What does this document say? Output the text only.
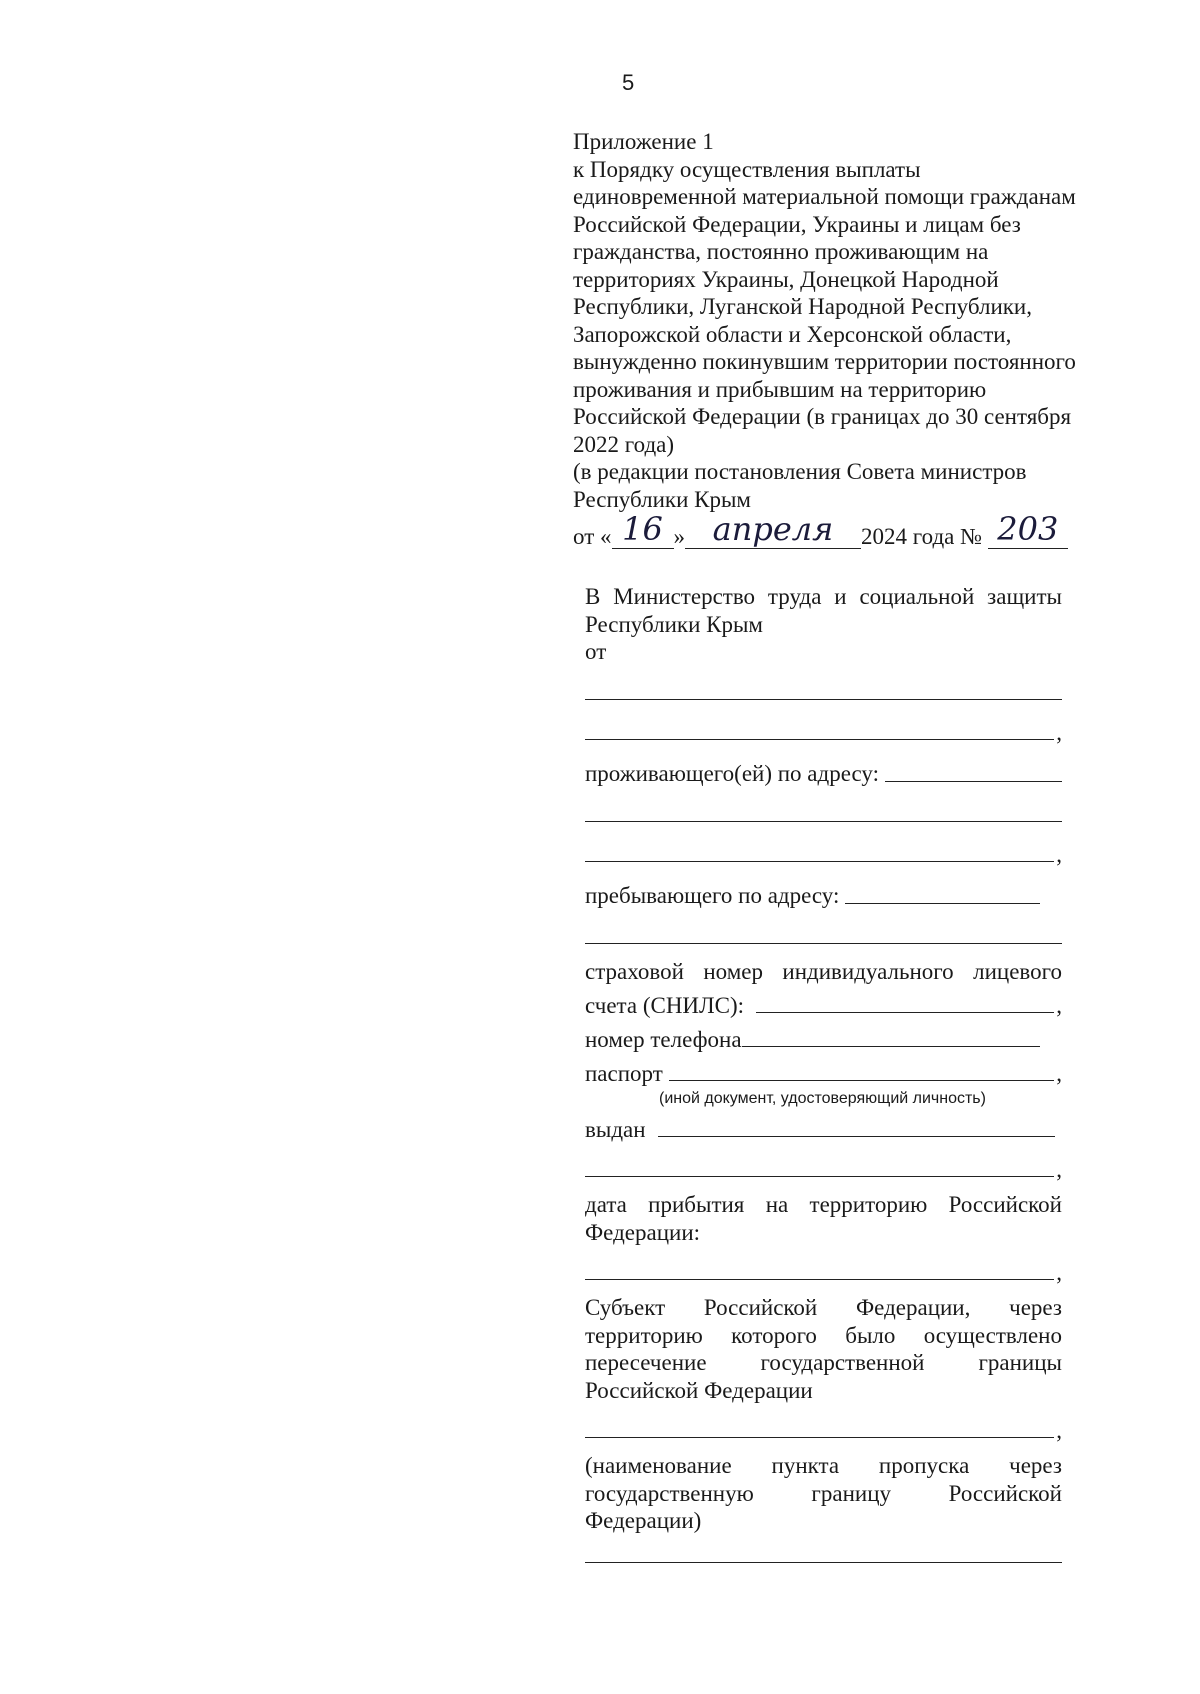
5
Приложение 1
к Порядку осуществления выплаты
единовременной материальной помощи гражданам
Российской Федерации, Украины и лицам без
гражданства, постоянно проживающим на
территориях Украины, Донецкой Народной
Республики, Луганской Народной Республики,
Запорожской области и Херсонской области,
вынужденно покинувшим территории постоянного
проживания и прибывшим на территорию
Российской Федерации (в границах до 30 сентября
2022 года)
(в редакции постановления Совета министров
Республики Крым
от « 16 » апреля 2024 года № 203
В Министерство труда и социальной защиты
Республики Крым
от
,
проживающего(ей) по адресу:
,
пребывающего по адресу:
страховой номер индивидуального лицевого
счета (СНИЛС):	,
номер телефона
паспорт	,
(иной документ, удостоверяющий личность)
выдан
,
дата прибытия на территорию Российской
Федерации:
,
Субъект Российской Федерации, через
территорию которого было осуществлено
пересечение государственной границы
Российской Федерации
,
(наименование пункта пропуска через
государственную границу Российской
Федерации)
